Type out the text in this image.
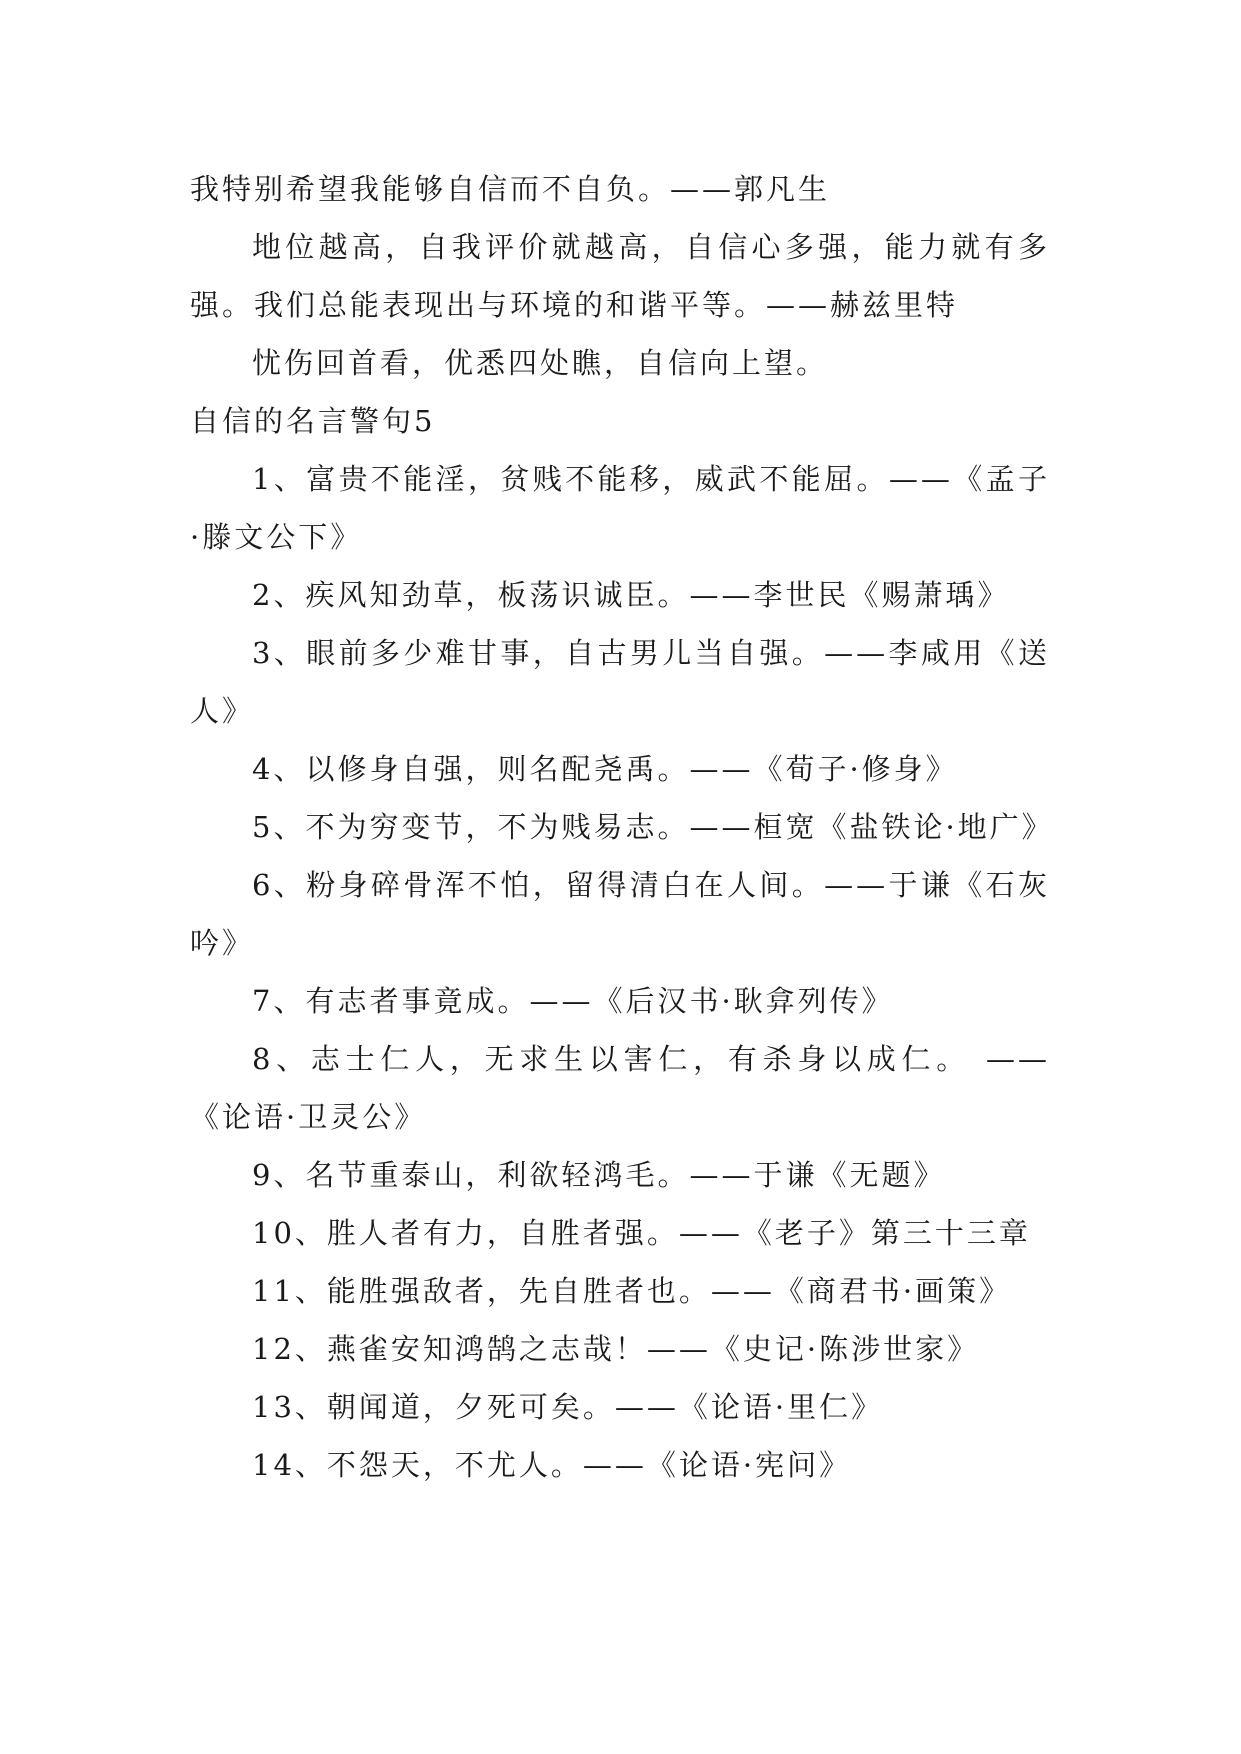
我特别希望我能够自信而不自负。——郭凡生

地位越高，自我评价就越高，自信心多强，能力就有多强。我们总能表现出与环境的和谐平等。——赫兹里特

忧伤回首看，优悉四处瞧，自信向上望。

自信的名言警句5

1、富贵不能淫，贫贱不能移，威武不能屈。——《孟子·滕文公下》

2、疾风知劲草，板荡识诚臣。——李世民《赐萧瑀》

3、眼前多少难甘事，自古男儿当自强。——李咸用《送人》

4、以修身自强，则名配尧禹。——《荀子·修身》

5、不为穷变节，不为贱易志。——桓宽《盐铁论·地广》

6、粉身碎骨浑不怕，留得清白在人间。——于谦《石灰吟》

7、有志者事竟成。——《后汉书·耿弇列传》

8、志士仁人，无求生以害仁，有杀身以成仁。 ——《论语·卫灵公》

9、名节重泰山，利欲轻鸿毛。——于谦《无题》

10、胜人者有力，自胜者强。——《老子》第三十三章

11、能胜强敌者，先自胜者也。——《商君书·画策》

12、燕雀安知鸿鹄之志哉！——《史记·陈涉世家》

13、朝闻道，夕死可矣。——《论语·里仁》

14、不怨天，不尤人。——《论语·宪问》
